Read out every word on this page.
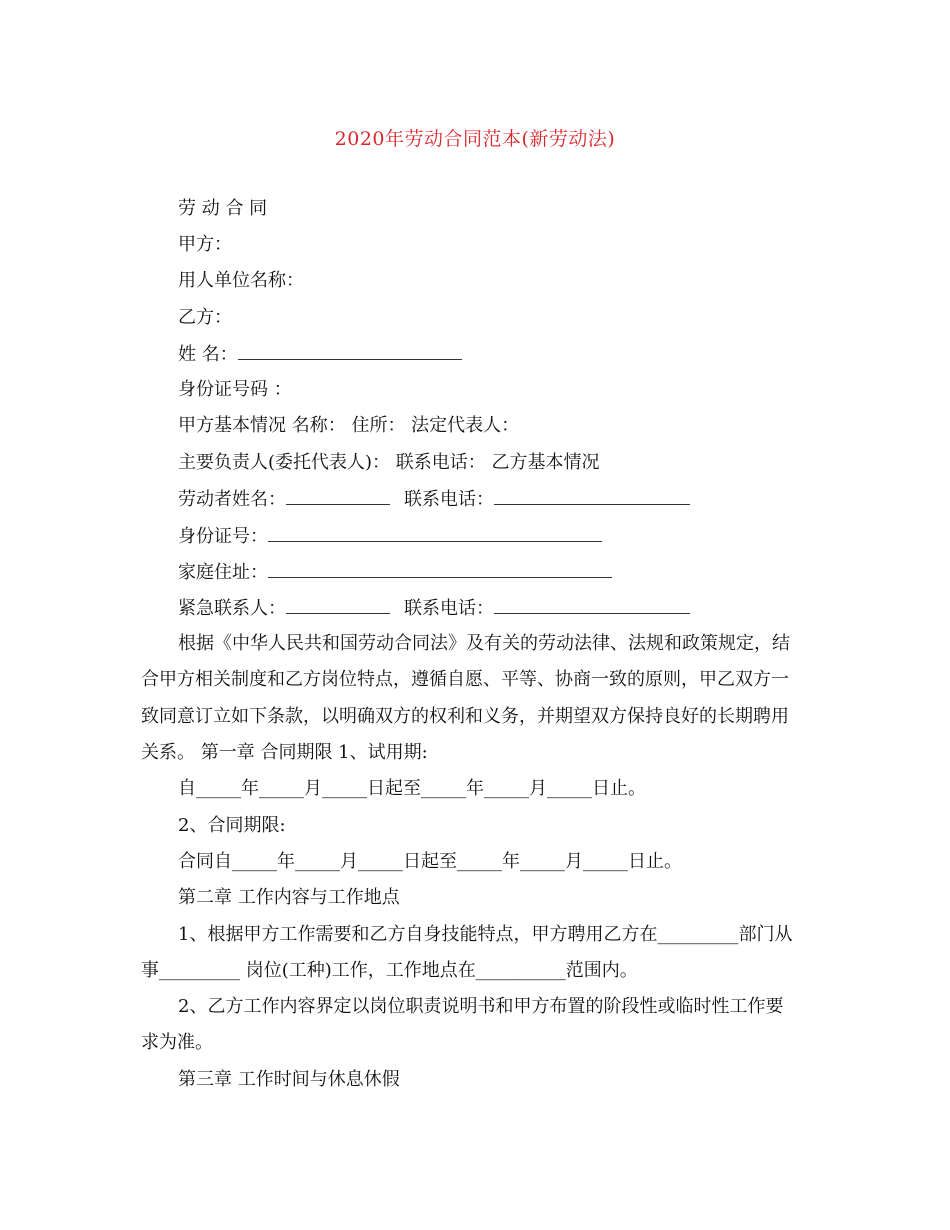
2020年劳动合同范本(新劳动法)
劳 动 合 同
甲方：
用人单位名称：
乙方：
姓 名：
身份证号码 ：
甲方基本情况 名称： 住所： 法定代表人：
主要负责人(委托代表人)： 联系电话： 乙方基本情况
劳动者姓名：	联系电话：
身份证号：
家庭住址：
紧急联系人：	联系电话：
根据《中华人民共和国劳动合同法》及有关的劳动法律、法规和政策规定，结
合甲方相关制度和乙方岗位特点，遵循自愿、平等、协商一致的原则，甲乙双方一
致同意订立如下条款，以明确双方的权利和义务，并期望双方保持良好的长期聘用
关系。 第一章 合同期限 1、试用期:
自_____年_____月_____日起至_____年_____月_____日止。
2、合同期限:
合同自_____年_____月_____日起至_____年_____月_____日止。
第二章 工作内容与工作地点
1、根据甲方工作需要和乙方自身技能特点，甲方聘用乙方在_________部门从
事_________ 岗位(工种)工作，工作地点在__________范围内。
2、乙方工作内容界定以岗位职责说明书和甲方布置的阶段性或临时性工作要
求为准。
第三章 工作时间与休息休假
